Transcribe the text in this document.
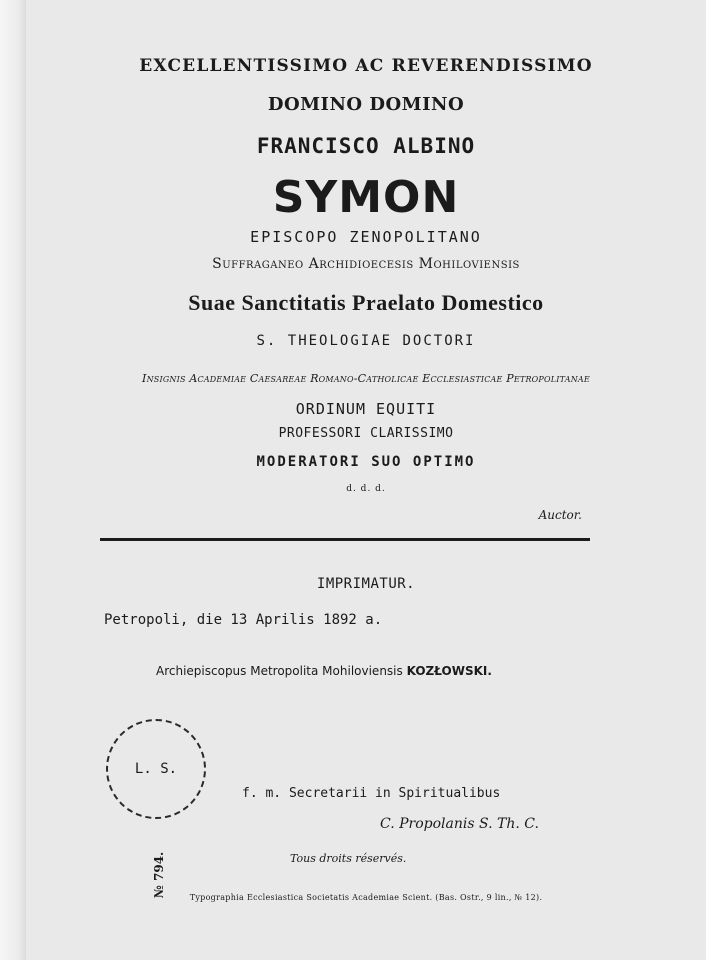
EXCELLENTISSIMO AC REVERENDISSIMO
DOMINO DOMINO
FRANCISCO ALBINO
SYMON
EPISCOPO ZENOPOLITANO
Suffraganeo Archidioecesis Mohiloviensis
Suae Sanctitatis Praelato Domestico
S. THEOLOGIAE DOCTORI
Insignis Academiae Caesareae Romano-Catholicae Ecclesiasticae Petropolitanae
ORDINUM EQUITI
PROFESSORI CLARISSIMO
MODERATORI SUO OPTIMO
d. d. d.
Auctor.
IMPRIMATUR.
Petropoli, die 13 Aprilis 1892 a.
Archiepiscopus Metropolita Mohiloviensis KOZŁOWSKI.
L. S.
f. m. Secretarii in Spiritualibus
C. Propolanis S. Th. C.
№ 794.	Tous droits réservés.
Typographia Ecclesiastica Societatis Academiae Scient. (Bas. Ostr., 9 lin., № 12).
